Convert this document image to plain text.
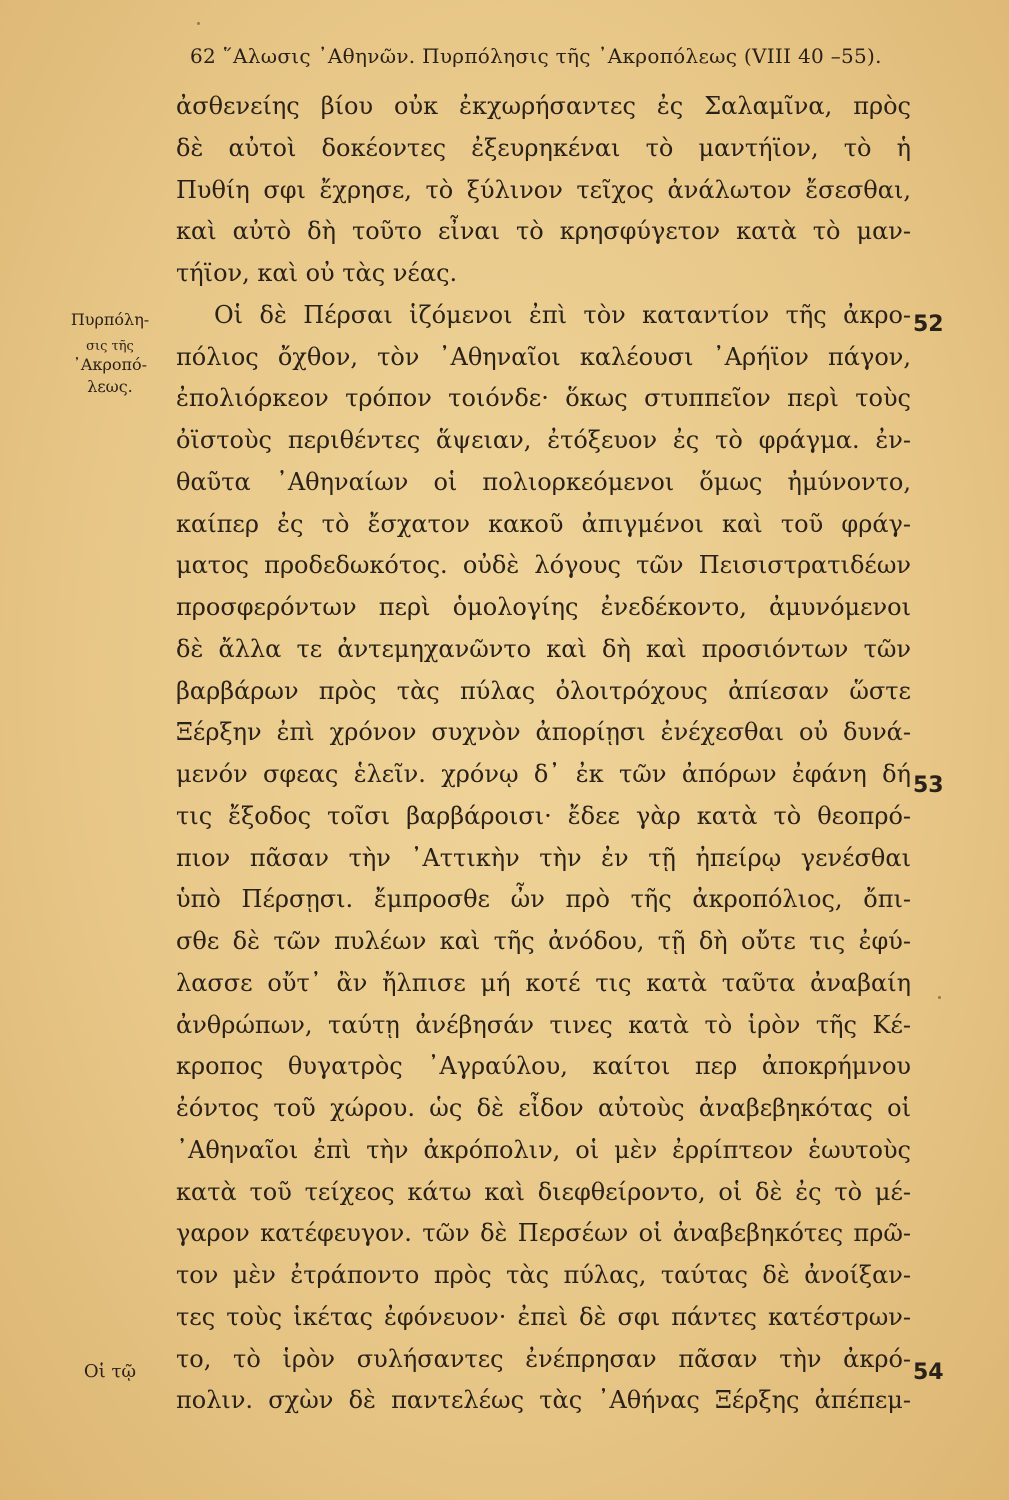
62 ῞Αλωσις ᾿Αθηνῶν. Πυρπόλησις τῆς ᾿Ακροπόλεως (VIII 40 –55).
ἀσθενείης βίου οὐκ ἐκχωρήσαντες ἐς Σαλαμῖνα, πρὸς
δὲ αὐτοὶ δοκέοντες ἐξευρηκέναι τὸ μαντήϊον, τὸ ἡ
Πυθίη σφι ἔχρησε, τὸ ξύλινον τεῖχος ἀνάλωτον ἔσεσθαι,
καὶ αὐτὸ δὴ τοῦτο εἶναι τὸ κρησφύγετον κατὰ τὸ μαν-
τήϊον, καὶ οὐ τὰς νέας.
Οἱ δὲ Πέρσαι ἱζόμενοι ἐπὶ τὸν καταντίον τῆς ἀκρο-
πόλιος ὄχθον, τὸν ᾿Αθηναῖοι καλέουσι ᾿Αρήϊον πάγον,
ἐπολιόρκεον τρόπον τοιόνδε· ὅκως στυππεῖον περὶ τοὺς
ὀϊστοὺς περιθέντες ἅψειαν, ἐτόξευον ἐς τὸ φράγμα. ἐν-
θαῦτα ᾿Αθηναίων οἱ πολιορκεόμενοι ὅμως ἠμύνοντο,
καίπερ ἐς τὸ ἔσχατον κακοῦ ἀπιγμένοι καὶ τοῦ φράγ-
ματος προδεδωκότος. οὐδὲ λόγους τῶν Πεισιστρατιδέων
προσφερόντων περὶ ὁμολογίης ἐνεδέκοντο, ἀμυνόμενοι
δὲ ἄλλα τε ἀντεμηχανῶντο καὶ δὴ καὶ προσιόντων τῶν
βαρβάρων πρὸς τὰς πύλας ὀλοιτρόχους ἀπίεσαν ὥστε
Ξέρξην ἐπὶ χρόνον συχνὸν ἀπορίῃσι ἐνέχεσθαι οὐ δυνά-
μενόν σφεας ἑλεῖν. χρόνῳ δ᾿ ἐκ τῶν ἀπόρων ἐφάνη δή
τις ἔξοδος τοῖσι βαρβάροισι· ἔδεε γὰρ κατὰ τὸ θεοπρό-
πιον πᾶσαν τὴν ᾿Αττικὴν τὴν ἐν τῇ ἠπείρῳ γενέσθαι
ὑπὸ Πέρσῃσι. ἔμπροσθε ὦν πρὸ τῆς ἀκροπόλιος, ὄπι-
σθε δὲ τῶν πυλέων καὶ τῆς ἀνόδου, τῇ δὴ οὔτε τις ἐφύ-
λασσε οὔτ᾿ ἂν ἤλπισε μή κοτέ τις κατὰ ταῦτα ἀναβαίη
ἀνθρώπων, ταύτῃ ἀνέβησάν τινες κατὰ τὸ ἱρὸν τῆς Κέ-
κροπος θυγατρὸς ᾿Αγραύλου, καίτοι περ ἀποκρήμνου
ἐόντος τοῦ χώρου. ὡς δὲ εἶδον αὐτοὺς ἀναβεβηκότας οἱ
᾿Αθηναῖοι ἐπὶ τὴν ἀκρόπολιν, οἱ μὲν ἐρρίπτεον ἑωυτοὺς
κατὰ τοῦ τείχεος κάτω καὶ διεφθείροντο, οἱ δὲ ἐς τὸ μέ-
γαρον κατέφευγον. τῶν δὲ Περσέων οἱ ἀναβεβηκότες πρῶ-
τον μὲν ἐτράποντο πρὸς τὰς πύλας, ταύτας δὲ ἀνοίξαν-
τες τοὺς ἱκέτας ἐφόνευον· ἐπεὶ δὲ σφι πάντες κατέστρων-
το, τὸ ἱρὸν συλήσαντες ἐνέπρησαν πᾶσαν τὴν ἀκρό-
πολιν. σχὼν δὲ παντελέως τὰς ᾿Αθήνας Ξέρξης ἀπέπεμ-
Πυρπόλη-
σις τῆς
᾿Ακροπό-
λεως.
Οἱ τῷ
52
53
54
